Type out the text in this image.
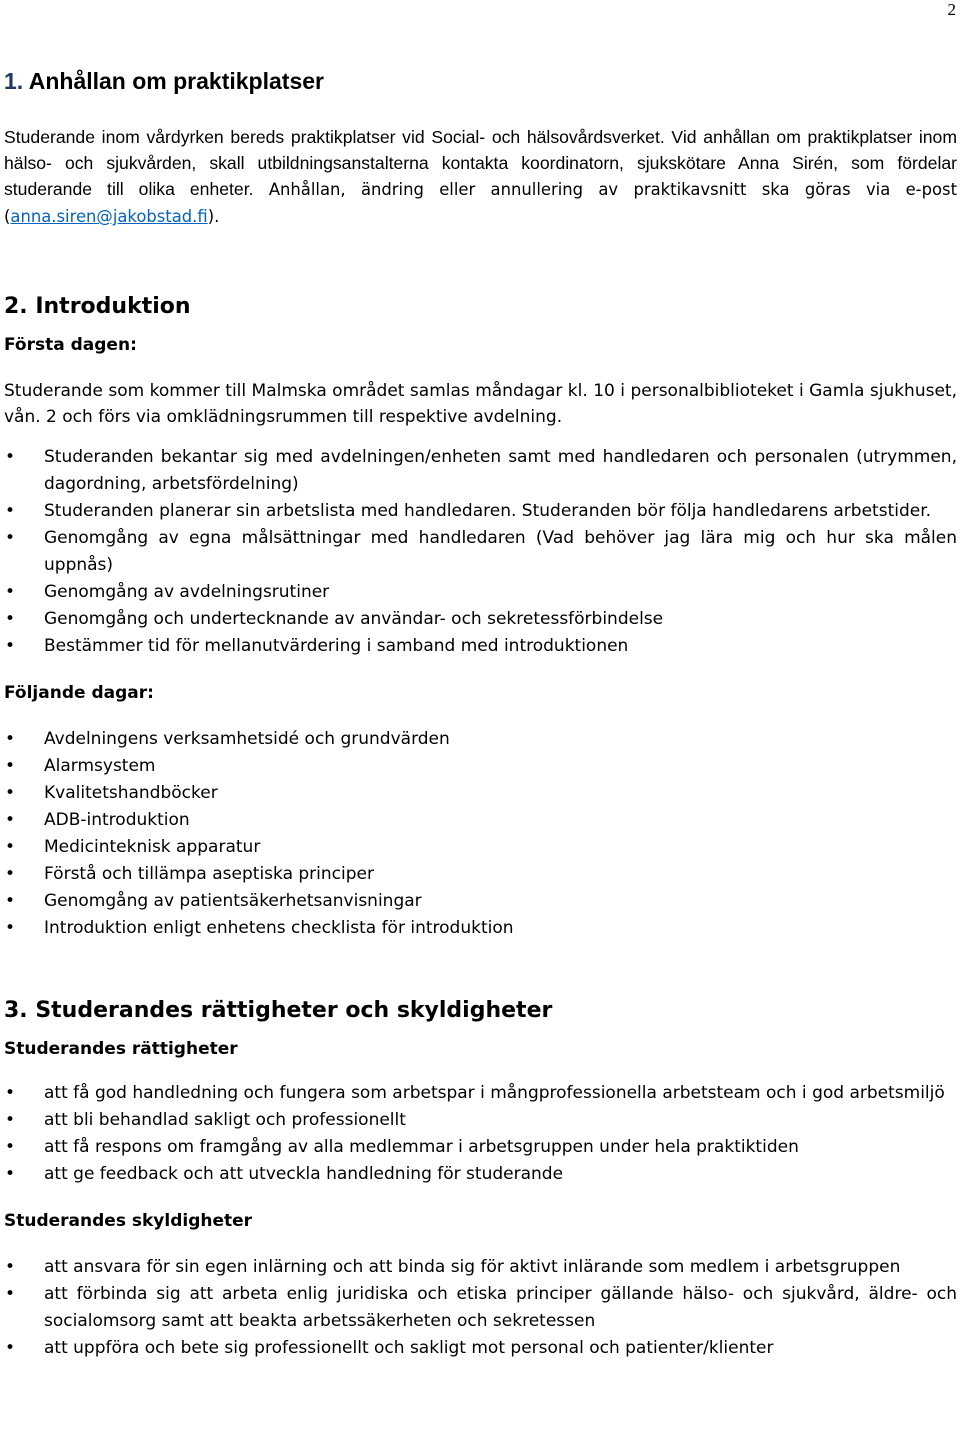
2
1. Anhållan om praktikplatser

Studerande inom vårdyrken bereds praktikplatser vid Social- och hälsovårdsverket. Vid anhållan om praktikplatser inom hälso- och sjukvården, skall utbildningsanstalterna kontakta koordinatorn, sjukskötare Anna Sirén, som fördelar studerande till olika enheter. Anhållan, ändring eller annullering av praktikavsnitt ska göras via e-post (anna.siren@jakobstad.fi).

2. Introduktion
Första dagen:

Studerande som kommer till Malmska området samlas måndagar kl. 10 i personalbiblioteket i Gamla sjukhuset, vån. 2 och förs via omklädningsrummen till respektive avdelning.

• Studeranden bekantar sig med avdelningen/enheten samt med handledaren och personalen (utrymmen, dagordning, arbetsfördelning)
• Studeranden planerar sin arbetslista med handledaren. Studeranden bör följa handledarens arbetstider.
• Genomgång av egna målsättningar med handledaren (Vad behöver jag lära mig och hur ska målen uppnås)
• Genomgång av avdelningsrutiner
• Genomgång och undertecknande av användar- och sekretessförbindelse
• Bestämmer tid för mellanutvärdering i samband med introduktionen
Följande dagar:
• Avdelningens verksamhetsidé och grundvärden
• Alarmsystem
• Kvalitetshandböcker
• ADB-introduktion
• Medicinteknisk apparatur
• Förstå och tillämpa aseptiska principer
• Genomgång av patientsäkerhetsanvisningar
• Introduktion enligt enhetens checklista för introduktion
3. Studerandes rättigheter och skyldigheter
Studerandes rättigheter
• att få god handledning och fungera som arbetspar i mångprofessionella arbetsteam och i god arbetsmiljö
• att bli behandlad sakligt och professionellt
• att få respons om framgång av alla medlemmar i arbetsgruppen under hela praktiktiden
• att ge feedback och att utveckla handledning för studerande
Studerandes skyldigheter
• att ansvara för sin egen inlärning och att binda sig för aktivt inlärande som medlem i arbetsgruppen
• att förbinda sig att arbeta enlig juridiska och etiska principer gällande hälso- och sjukvård, äldre- och socialomsorg samt att beakta arbetssäkerheten och sekretessen
• att uppföra och bete sig professionellt och sakligt mot personal och patienter/klienter
